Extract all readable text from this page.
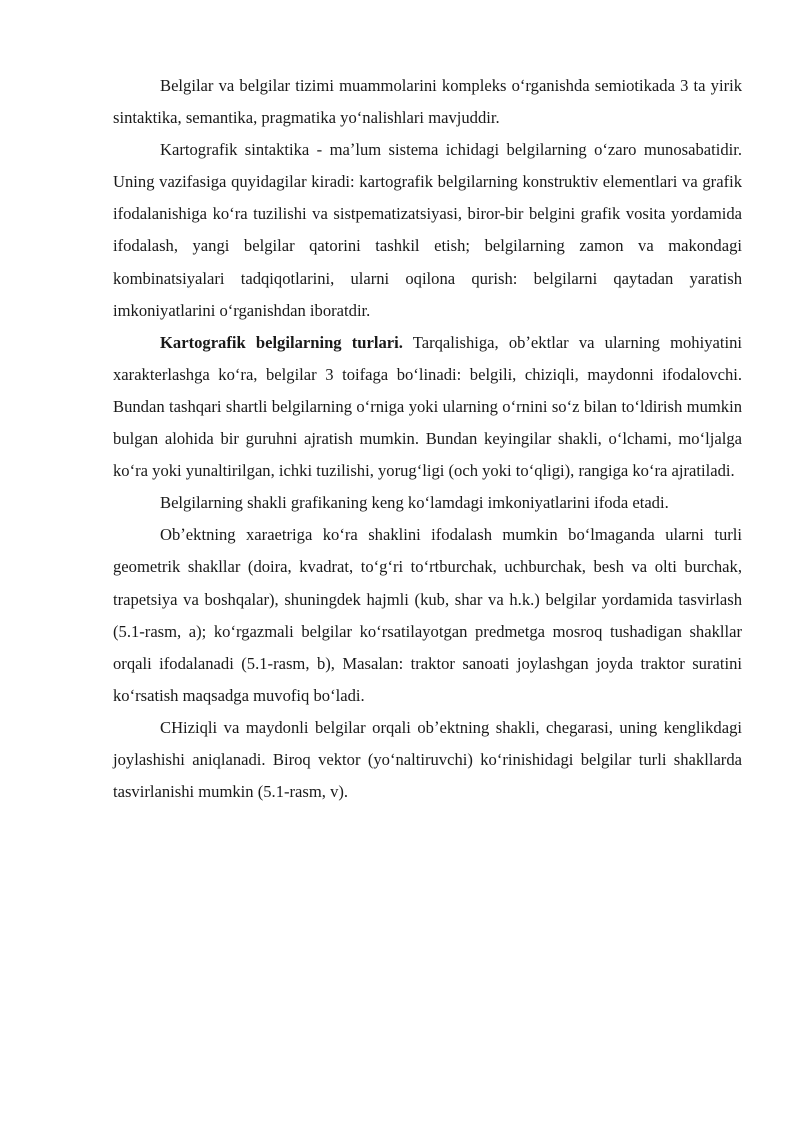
Belgilar va belgilar tizimi muammolarini kompleks oʻrganishda semiotikada 3 ta yirik sintaktika, semantika, pragmatika yoʻnalishlari mavjuddir.

Kartografik sintaktika - maʼlum sistema ichidagi belgilarning oʻzaro munosabatidir. Uning vazifasiga quyidagilar kiradi: kartografik belgilarning konstruktiv elementlari va grafik ifodalanishiga koʻra tuzilishi va sistpematizatsiyasi, biror-bir belgini grafik vosita yordamida ifodalash, yangi belgilar qatorini tashkil etish; belgilarning zamon va makondagi kombinatsiyalari tadqiqotlarini, ularni oqilona qurish: belgilarni qaytadan yaratish imkoniyatlarini oʻrganishdan iboratdir.

Kartografik belgilarning turlari. Tarqalishiga, obʼektlar va ularning mohiyatini xarakterlashga koʻra, belgilar 3 toifaga boʻlinadi: belgili, chiziqli, maydonni ifodalovchi. Bundan tashqari shartli belgilarning oʻrniga yoki ularning oʻrnini soʻz bilan toʻldirish mumkin bulgan alohida bir guruhni ajratish mumkin. Bundan keyingilar shakli, oʻlchami, moʻljalga koʻra yoki yunaltirilgan, ichki tuzilishi, yorugʻligi (och yoki toʻqligi), rangiga koʻra ajratiladi.

Belgilarning shakli grafikaning keng koʻlamdagi imkoniyatlarini ifoda etadi.

Obʼektning xaraetriga koʻra shaklini ifodalash mumkin boʻlmaganda ularni turli geometrik shakllar (doira, kvadrat, toʻgʻri toʻrtburchak, uchburchak, besh va olti burchak, trapetsiya va boshqalar), shuningdek hajmli (kub, shar va h.k.) belgilar yordamida tasvirlash (5.1-rasm, a); koʻrgazmali belgilar koʻrsatilayotgan predmetga mosroq tushadigan shakllar orqali ifodalanadi (5.1-rasm, b), Masalan: traktor sanoati joylashgan joyda traktor suratini koʻrsatish maqsadga muvofiq boʻladi.

CHiziqli va maydonli belgilar orqali obʼektning shakli, chegarasi, uning kenglikdagi joylashishi aniqlanadi. Biroq vektor (yoʻnaltiruvchi) koʻrinishidagi belgilar turli shakllarda tasvirlanishi mumkin (5.1-rasm, v).
